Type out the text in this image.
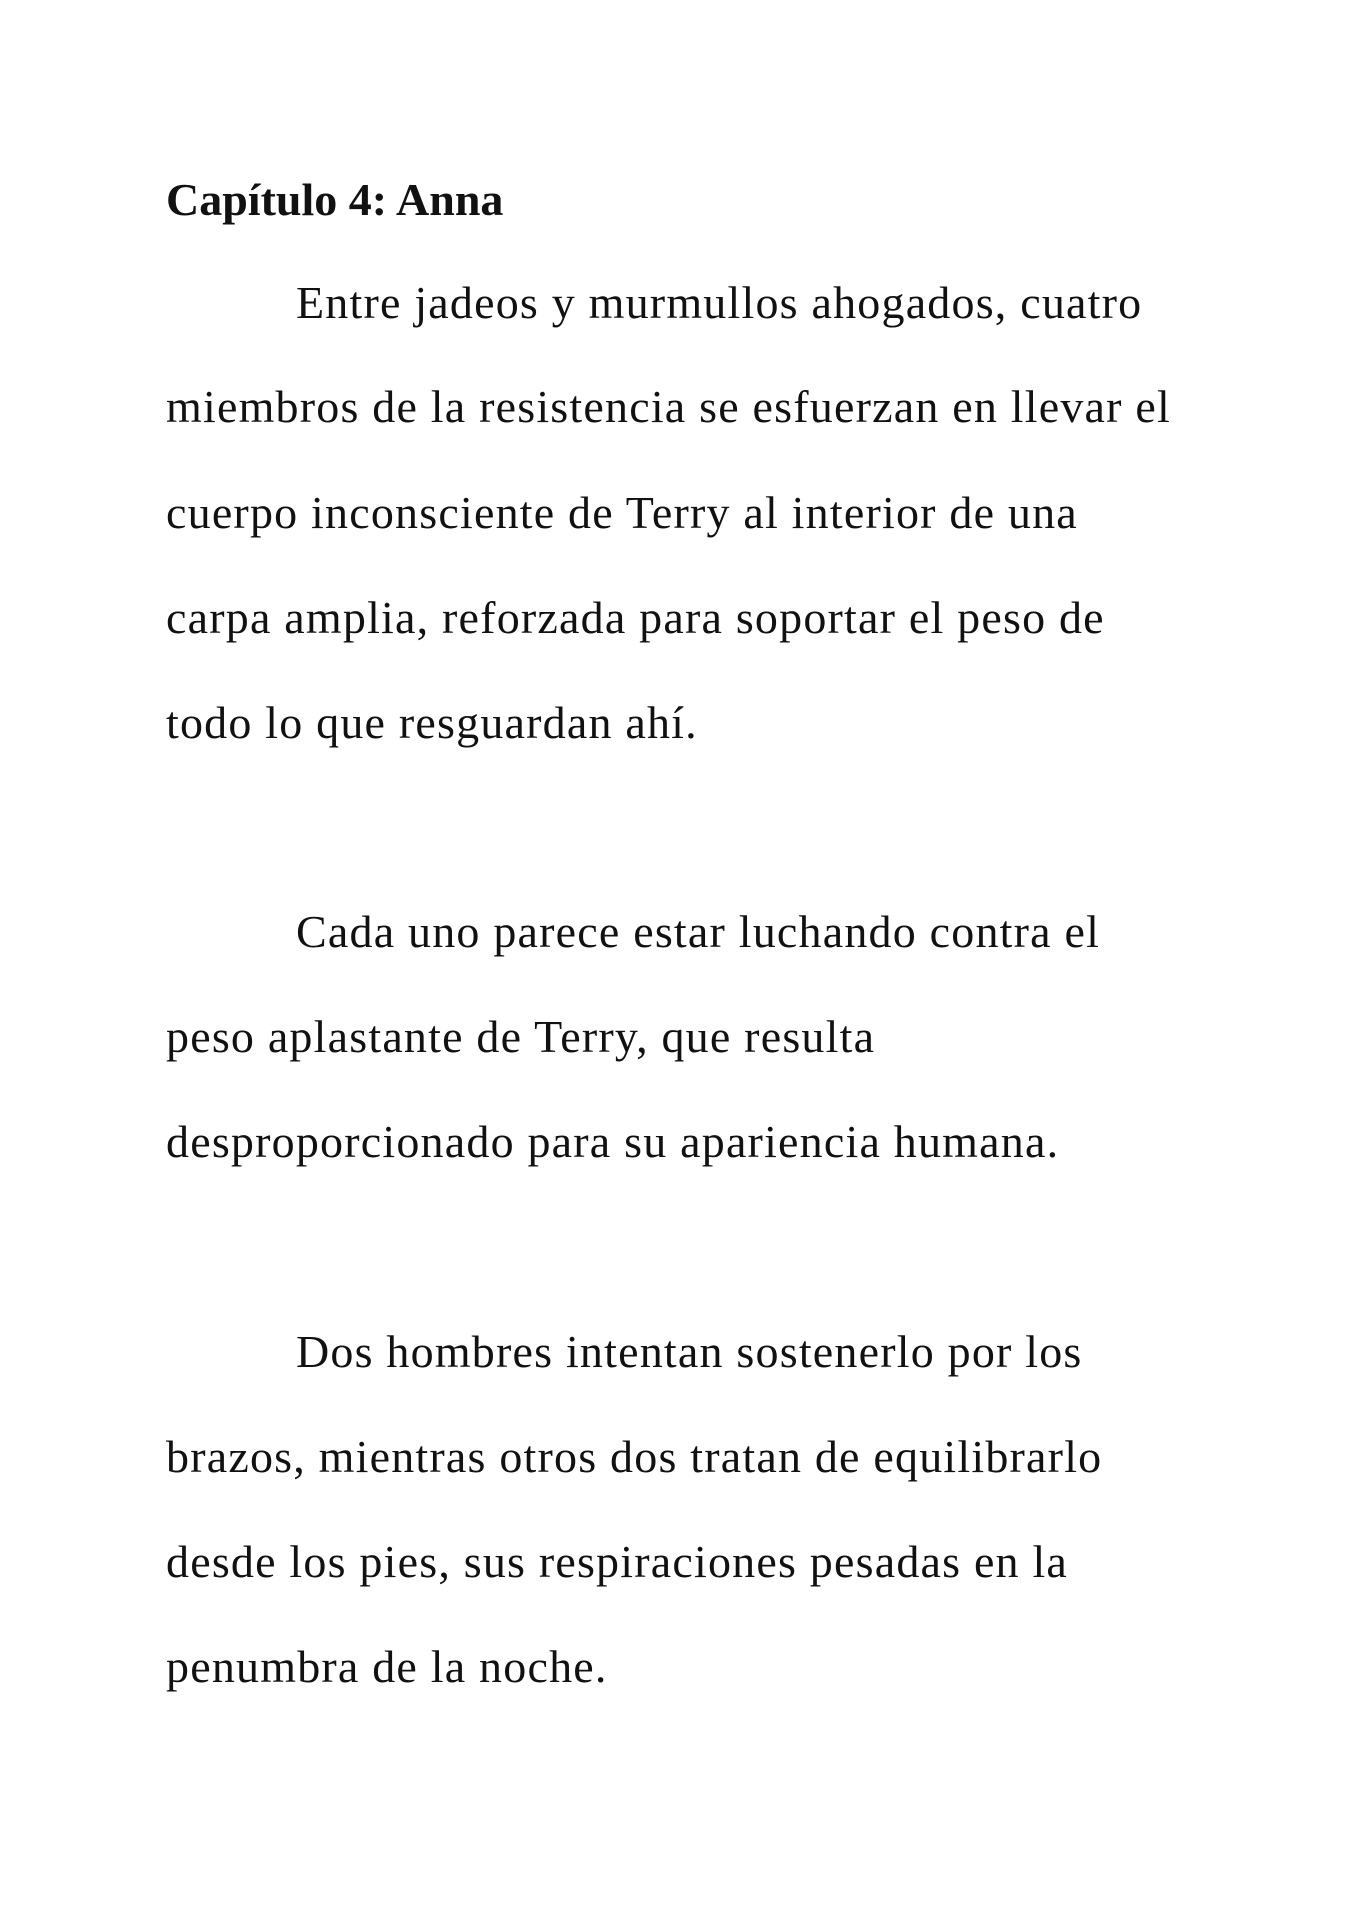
Capítulo 4: Anna

Entre jadeos y murmullos ahogados, cuatro

miembros de la resistencia se esfuerzan en llevar el

cuerpo inconsciente de Terry al interior de una

carpa amplia, reforzada para soportar el peso de

todo lo que resguardan ahí.

Cada uno parece estar luchando contra el

peso aplastante de Terry, que resulta

desproporcionado para su apariencia humana.

Dos hombres intentan sostenerlo por los

brazos, mientras otros dos tratan de equilibrarlo

desde los pies, sus respiraciones pesadas en la

penumbra de la noche.
